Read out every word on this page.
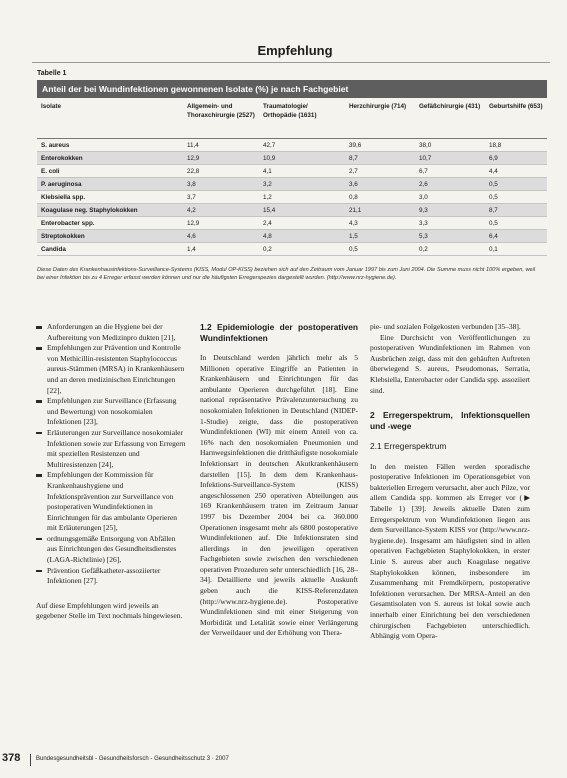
Empfehlung
Tabelle 1
Anteil der bei Wundinfektionen gewonnenen Isolate (%) je nach Fachgebiet
Isolate	Allgemein- und Thoraxchirurgie (2527)	Traumatologie/ Orthopädie (1631)	Herzchirurgie (714)	Gefäßchirurgie (431)	Geburtshilfe (653)
S. aureus	11,4	42,7	39,6	38,0	18,8
Enterokokken	12,9	10,9	8,7	10,7	6,9
E. coli	22,8	4,1	2,7	6,7	4,4
P. aeruginosa	3,8	3,2	3,6	2,6	0,5
Klebsiella spp.	3,7	1,2	0,8	3,0	0,5
Koagulase neg. Staphylokokken	4,2	15,4	21,1	9,3	8,7
Enterobacter spp.	12,9	2,4	4,3	3,3	0,5
Streptokokken	4,6	4,8	1,5	5,3	6,4
Candida	1,4	0,2	0,5	0,2	0,1
Diese Daten des Krankenhausinfektions-Surveillance-Systems (KISS, Modul OP-KISS) beziehen sich auf den Zeitraum vom Januar 1997 bis zum Juni 2004. Die Summe muss nicht 100% ergeben, weil bei einer Infektion bis zu 4 Erreger erfasst werden können und nur die häufigsten Erregerspezies dargestellt wurden. (http://www.nrz-hygiene.de).
Anforderungen an die Hygiene bei der Aufbereitung von Medizinpro dukten [21],
Empfehlungen zur Prävention und Kontrolle von Methicillin-resistenten Staphylococcus aureus-Stämmen (MRSA) in Krankenhäusern und an deren medizinischen Einrichtungen [22],
Empfehlungen zur Surveillance (Erfassung und Bewertung) von nosokomialen Infektionen [23],
Erläuterungen zur Surveillance nosokomialer Infektionen sowie zur Erfassung von Erregern mit speziellen Resistenzen und Multiresistenzen [24],
Empfehlungen der Kommission für Krankenhaushygiene und Infektionsprävention zur Surveillance von postoperativen Wundinfektionen in Einrichtungen für das ambulante Operieren mit Erläuterungen [25],
ordnungsgemäße Entsorgung von Abfällen aus Einrichtungen des Gesundheitsdienstes (LAGA-Richtlinie) [26],
Prävention Gefäßkatheter-assoziierter Infektionen [27].

Auf diese Empfehlungen wird jeweils an gegebener Stelle im Text nochmals hingewiesen.

1.2 Epidemiologie der postoperativen Wundinfektionen

In Deutschland werden jährlich mehr als 5 Millionen operative Eingriffe an Patienten in Krankenhäusern und Einrichtungen für das ambulante Operieren durchgeführt [18]. Eine national repräsentative Prävalenzuntersuchung zu nosokomialen Infektionen in Deutschland (NIDEP-1-Studie) zeigte, dass die postoperativen Wundinfektionen (WI) mit einem Anteil von ca. 16% nach den nosokomialen Pneumonien und Harnwegsinfektionen die dritthäufigste nosokomiale Infektionsart in deutschen Akutkrankenhäusern darstellen [15]. In dem dem Krankenhaus-Infektions-Surveillance-System (KISS) angeschlossenen 250 operativen Abteilungen aus 169 Krankenhäusern traten im Zeitraum Januar 1997 bis Dezember 2004 bei ca. 360.000 Operationen insgesamt mehr als 6800 postoperative Wundinfektionen auf. Die Infektionsraten sind allerdings in den jeweiligen operativen Fachgebieten sowie zwischen den verschiedenen operativen Prozeduren sehr unterschiedlich [16, 28–34]. Detaillierte und jeweils aktuelle Auskunft geben auch die KISS-Referenzdaten (http://www.nrz-hygiene.de). Postoperative Wundinfektionen sind mit einer Steigerung von Morbidität und Letalität sowie einer Verlängerung der Verweildauer und der Erhöhung von Thera-

pie- und sozialen Folgekosten verbunden [35–38].

Eine Durchsicht von Veröffentlichungen zu postoperativen Wundinfektionen im Rahmen von Ausbrüchen zeigt, dass mit den gehäuften Auftreten überwiegend S. aureus, Pseudomonas, Serratia, Klebsiella, Enterobacter oder Candida spp. assoziiert sind.

2 Erregerspektrum, Infektionsquellen und -wege
2.1 Erregerspektrum

In den meisten Fällen werden sporadische postoperative Infektionen im Operationsgebiet von bakteriellen Erregern verursacht, aber auch Pilze, vor allem Candida spp. kommen als Erreger vor (▶ Tabelle 1) [39]. Jeweils aktuelle Daten zum Erregerspektrum von Wundinfektionen liegen aus dem Surveillance-System KISS vor (http://www.nrz-hygiene.de). Insgesamt am häufigsten sind in allen operativen Fachgebieten Staphylokokken, in erster Linie S. aureus aber auch Koagulase negative Staphylokokken können, insbesondere im Zusammenhang mit Fremdkörpern, postoperative Infektionen verursachen. Der MRSA-Anteil an den Gesamtisolaten von S. aureus ist lokal sowie auch innerhalb einer Einrichtung bei den verschiedenen chirurgischen Fachgebieten unterschiedlich. Abhängig vom Opera-

378	Bundesgesundheitsbl - Gesundheitsforsch - Gesundheitsschutz 3 · 2007
